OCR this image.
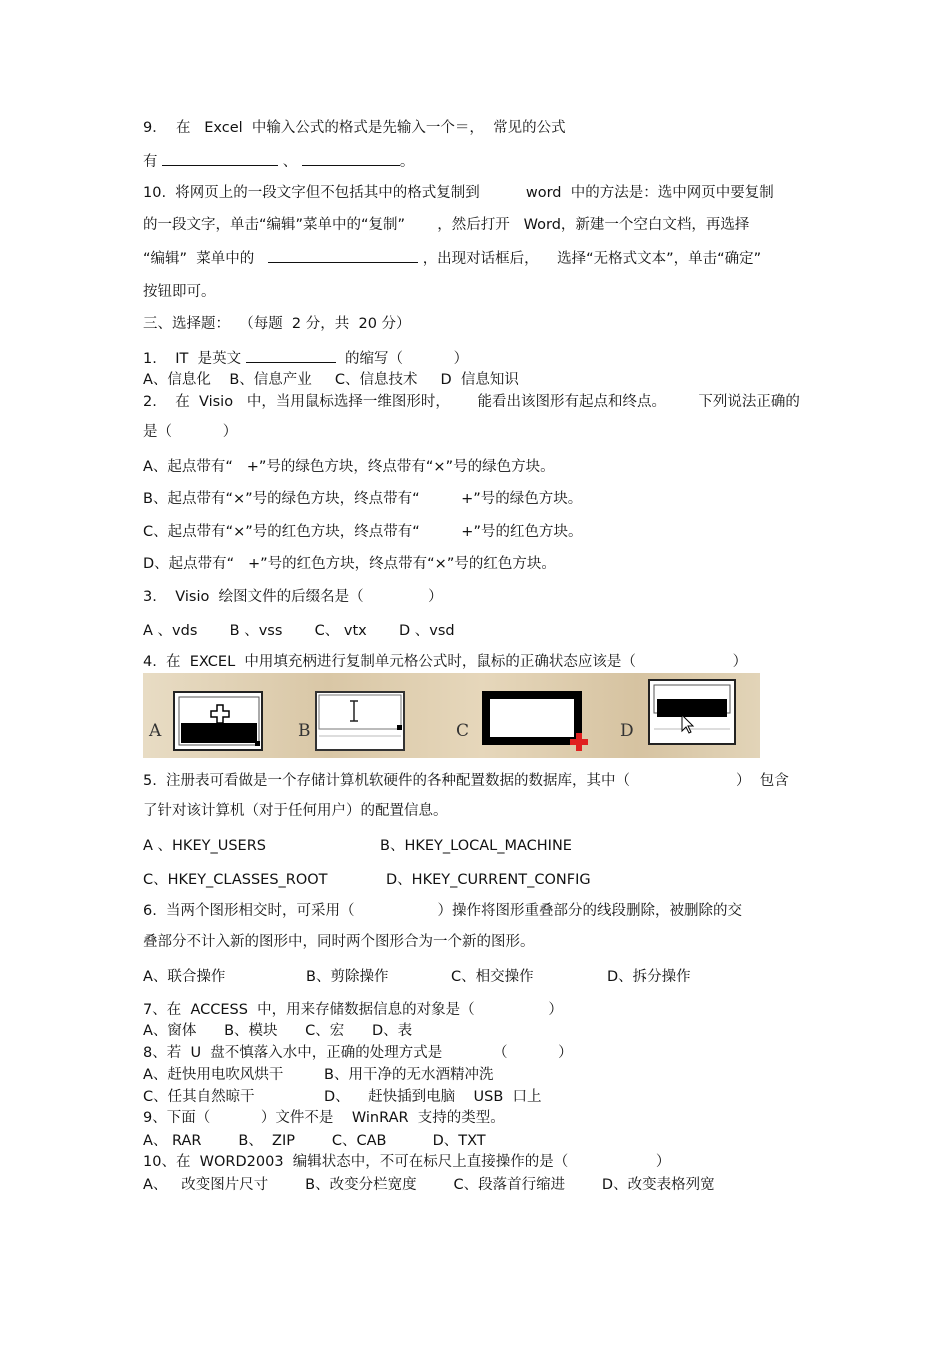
9．  在   Excel  中输入公式的格式是先输入一个＝，  常见的公式
有	、	。
10.  将网页上的一段文字但不包括其中的格式复制到          word  中的方法是：选中网页中要复制
的一段文字，单击“编辑”菜单中的“复制”       ，然后打开   Word，新建一个空白文档，再选择
“编辑”  菜单中的	，出现对话框后，    选择“无格式文本”，单击“确定”
按钮即可。
三、选择题：  （每题  2 分，共  20 分）
1.    IT  是英文	的缩写（           ）
A、信息化    B、信息产业     C、信息技术     D  信息知识
2.    在  Visio   中，当用鼠标选择一维图形时，      能看出该图形有起点和终点。       下列说法正确的
是（           ）
A、起点带有“   +”号的绿色方块，终点带有“×”号的绿色方块。
B、起点带有“×”号的绿色方块，终点带有“         +”号的绿色方块。
C、起点带有“×”号的红色方块，终点带有“         +”号的红色方块。
D、起点带有“   +”号的红色方块，终点带有“×”号的红色方块。
3.    Visio  绘图文件的后缀名是（              ）
A 、vds       B 、vss       C、 vtx       D 、vsd
4.  在  EXCEL  中用填充柄进行复制单元格公式时，鼠标的正确状态应该是（                     ）
A	B	C	D
5.  注册表可看做是一个存储计算机软硬件的各种配置数据的数据库，其中（                       ）  包含
了针对该计算机（对于任何用户）的配置信息。
A 、HKEY_USERS	B、HKEY_LOCAL_MACHINE
C、HKEY_CLASSES_ROOT	D、HKEY_CURRENT_CONFIG
6.  当两个图形相交时，可采用（                  ）操作将图形重叠部分的线段删除，被删除的交
叠部分不计入新的图形中，同时两个图形合为一个新的图形。
A、联合操作	B、剪除操作	C、相交操作	D、拆分操作
7、在  ACCESS  中，用来存储数据信息的对象是（                ）
A、窗体      B、模块      C、宏      D、表
8、若  U  盘不慎落入水中，正确的处理方式是           （           ）
A、赶快用电吹风烘干	B、用干净的无水酒精冲洗
C、任其自然晾干	D、    赶快插到电脑    USB  口上
9、下面（           ）文件不是    WinRAR  支持的类型。
A、 RAR        B、  ZIP        C、CAB          D、TXT
10、在  WORD2003  编辑状态中，不可在标尺上直接操作的是（                   ）
A、   改变图片尺寸        B、改变分栏宽度        C、段落首行缩进        D、改变表格列宽
